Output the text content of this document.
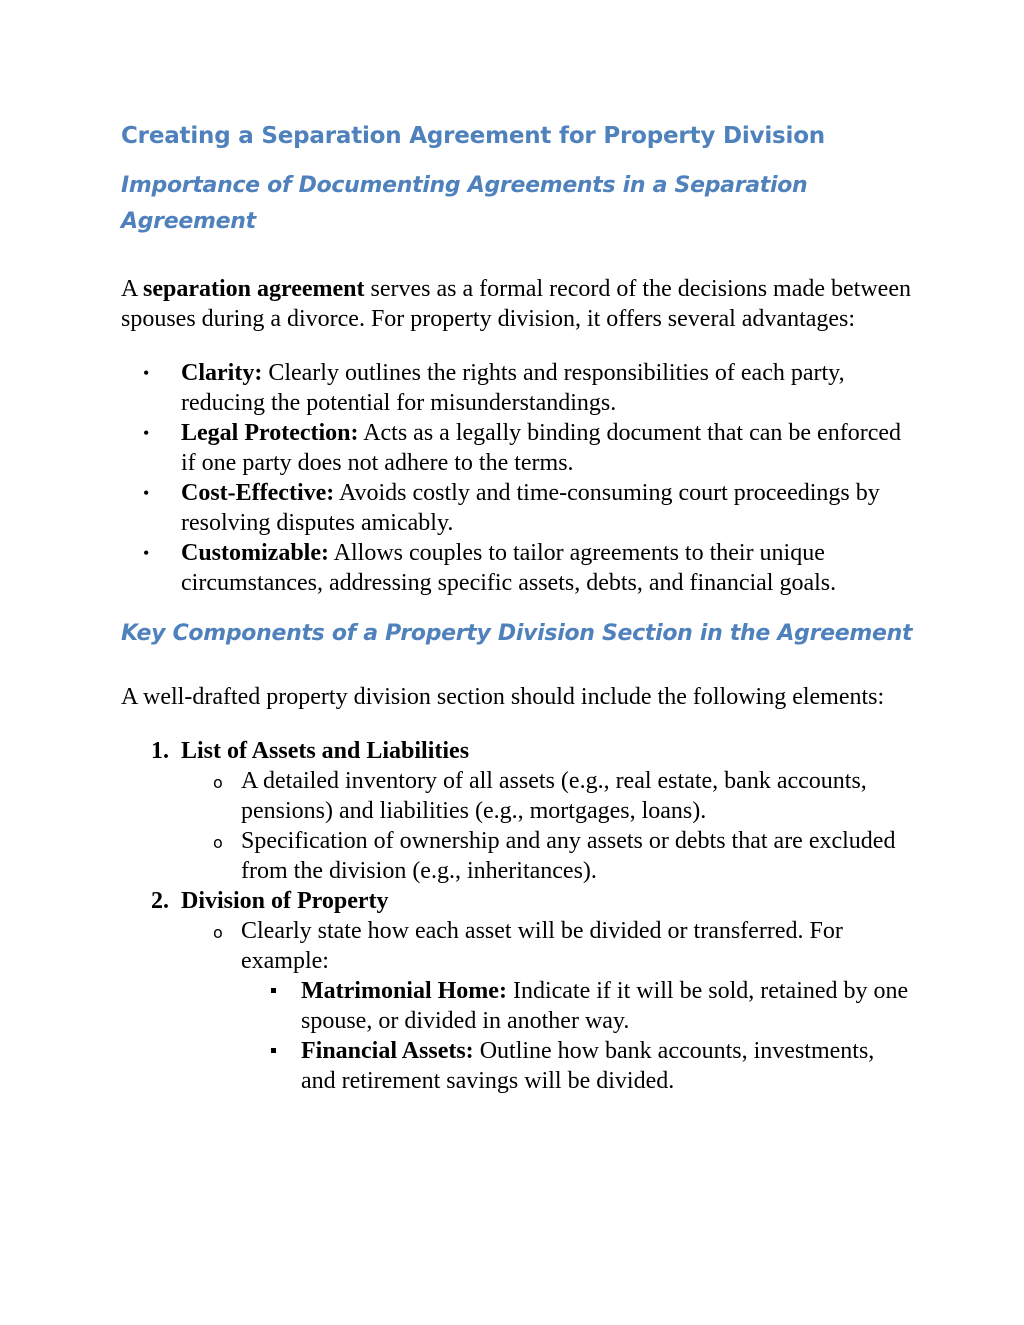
Creating a Separation Agreement for Property Division
Importance of Documenting Agreements in a Separation Agreement

A separation agreement serves as a formal record of the decisions made between spouses during a divorce. For property division, it offers several advantages:

• Clarity: Clearly outlines the rights and responsibilities of each party, reducing the potential for misunderstandings.
• Legal Protection: Acts as a legally binding document that can be enforced if one party does not adhere to the terms.
• Cost-Effective: Avoids costly and time-consuming court proceedings by resolving disputes amicably.
• Customizable: Allows couples to tailor agreements to their unique circumstances, addressing specific assets, debts, and financial goals.
Key Components of a Property Division Section in the Agreement

A well-drafted property division section should include the following elements:

1. List of Assets and Liabilities
o A detailed inventory of all assets (e.g., real estate, bank accounts, pensions) and liabilities (e.g., mortgages, loans).
o Specification of ownership and any assets or debts that are excluded from the division (e.g., inheritances).
2. Division of Property
o Clearly state how each asset will be divided or transferred. For example:
Matrimonial Home: Indicate if it will be sold, retained by one spouse, or divided in another way.
Financial Assets: Outline how bank accounts, investments, and retirement savings will be divided.
